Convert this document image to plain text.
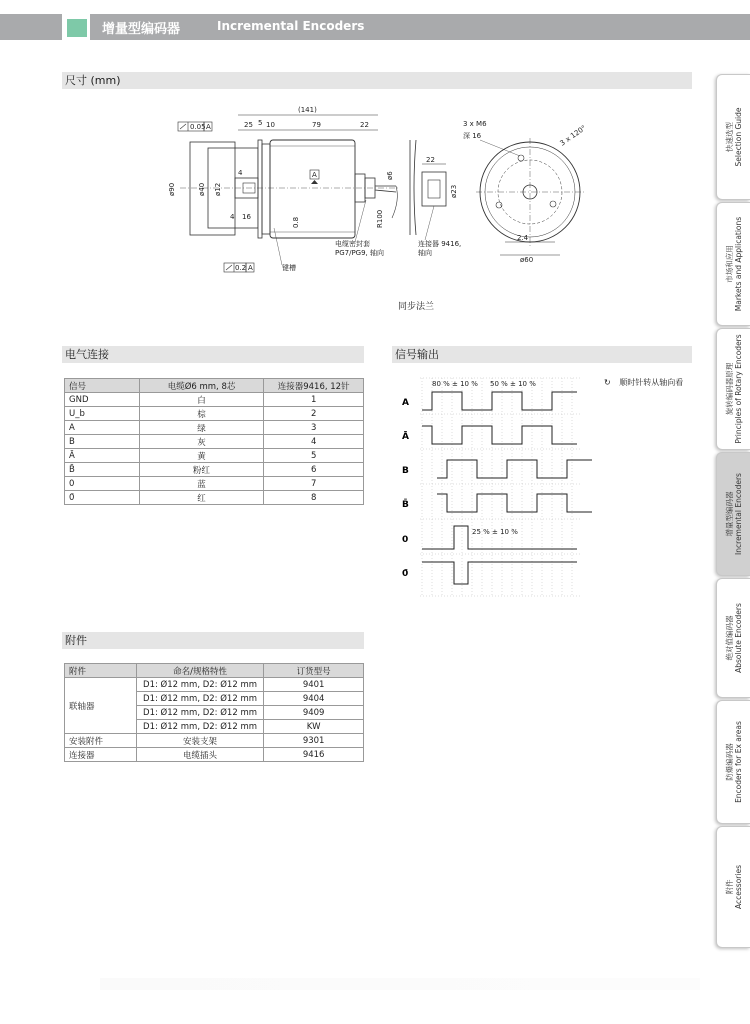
增量型编码器	Incremental Encoders
尺寸 (mm)
(141)
25 5 10	79	22
0.05 A
ø90	ø40 ø12
4
4 16	0.8
ø6
R100
A
0.2 A	键槽
电缆密封套
PG7/PG9, 轴向
22
ø23
连接器 9416,
轴向
3 x M6
深 16	3 x 120°
2.4
ø60
同步法兰
电气连接
信号	电缆Ø6 mm, 8芯	连接器9416, 12针
GND	白	1
U_b	棕	2
A	绿	3
B	灰	4
Ā	黄	5
B̄	粉红	6
0	蓝	7
0̄	红	8
信号输出
↻ 顺时针转从轴向看
80 % ± 10 % 50 % ± 10 %
A
Ā
B
B̄
0
0̄
25 % ± 10 %
附件
附件	命名/规格特性	订货型号
联轴器	D1: Ø12 mm, D2: Ø12 mm	9401
	D1: Ø12 mm, D2: Ø12 mm	9404
	D1: Ø12 mm, D2: Ø12 mm	9409
	D1: Ø12 mm, D2: Ø12 mm	KW
安装附件	安装支架	9301
连接器	电缆插头	9416
快速选型
Selection Guide
市场和应用
Markets and Applications
旋转编码器原理
Principles of Rotary Encoders
增量型编码器
Incremental Encoders
绝对值编码器
Absolute Encoders
防爆编码器
Encoders for Ex areas
附件
Accessories
